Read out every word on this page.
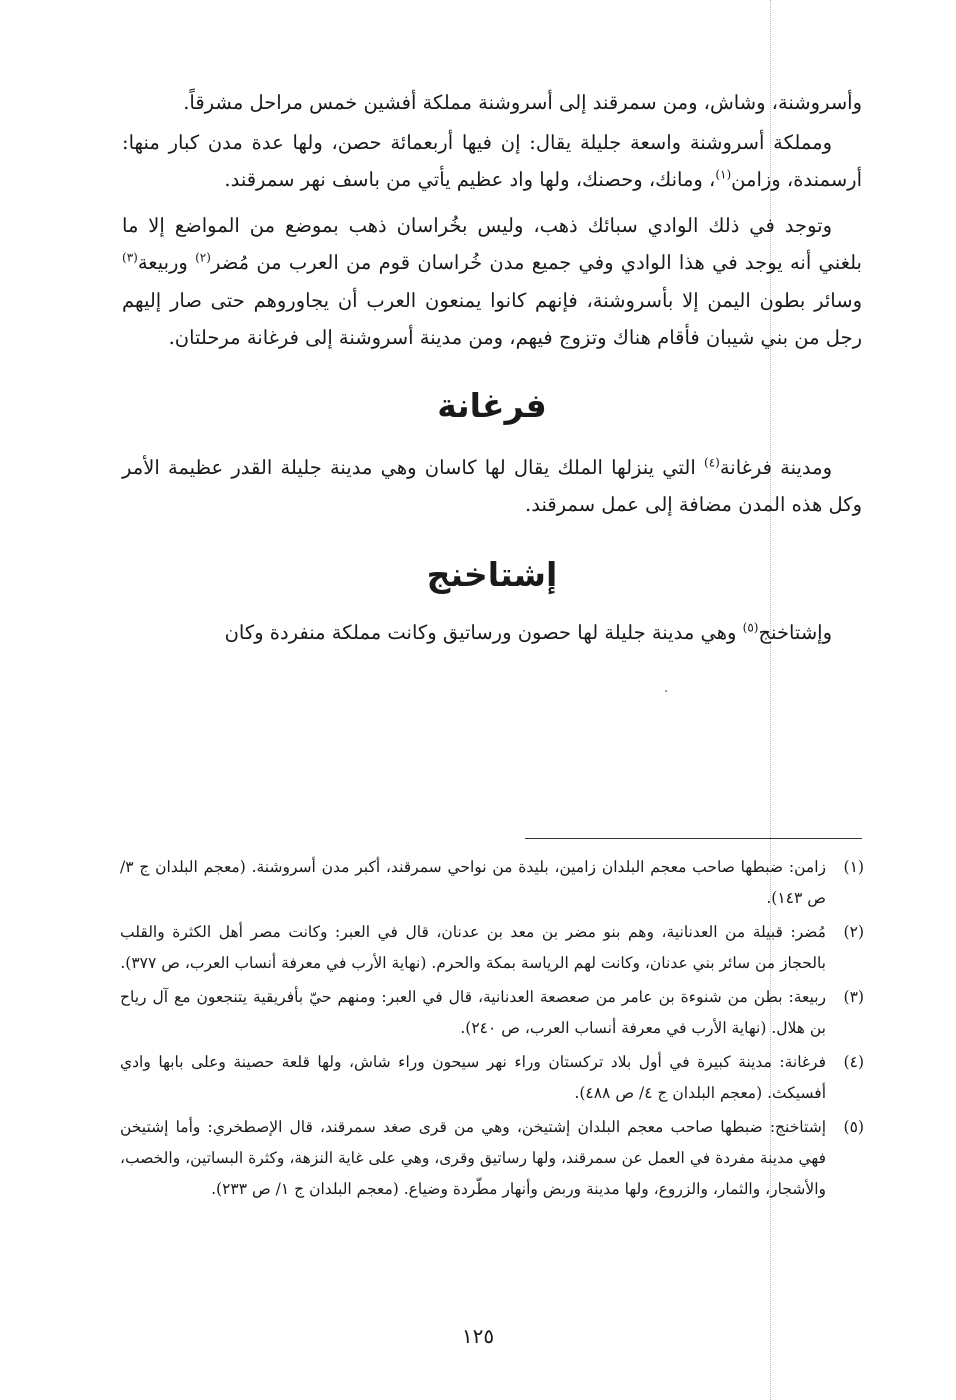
وأسروشنة، وشاش، ومن سمرقند إلى أسروشنة مملكة أفشين خمس مراحل مشرقاً.

ومملكة أسروشنة واسعة جليلة يقال: إن فيها أربعمائة حصن، ولها عدة مدن كبار منها: أرسمندة، وزامن$^{(١)}$، ومانك، وحصنك، ولها واد عظيم يأتي من باسف نهر سمرقند.

وتوجد في ذلك الوادي سبائك ذهب، وليس بخُراسان ذهب بموضع من المواضع إلا ما بلغني أنه يوجد في هذا الوادي وفي جميع مدن خُراسان قوم من العرب من مُضر$^{(٢)}$ وربيعة$^{(٣)}$ وسائر بطون اليمن إلا بأسروشنة، فإنهم كانوا يمنعون العرب أن يجاوروهم حتى صار إليهم رجل من بني شيبان فأقام هناك وتزوج فيهم، ومن مدينة أسروشنة إلى فرغانة مرحلتان.

فرغانة

ومدينة فرغانة$^{(٤)}$ التي ينزلها الملك يقال لها كاسان وهي مدينة جليلة القدر عظيمة الأمر وكل هذه المدن مضافة إلى عمل سمرقند.

إشتاخنج

وإشتاخنج$^{(٥)}$ وهي مدينة جليلة لها حصون ورساتيق وكانت مملكة منفردة وكان

(١)
زامن: ضبطها صاحب معجم البلدان زامين، بليدة من نواحي سمرقند، أكبر مدن أسروشنة. (معجم البلدان ج ٣/ ص ١٤٣).
(٢)
مُضر: قبيلة من العدنانية، وهم بنو مضر بن معد بن عدنان، قال في العبر: وكانت مصر أهل الكثرة والقلب بالحجاز من سائر بني عدنان، وكانت لهم الرياسة بمكة والحرم. (نهاية الأرب في معرفة أنساب العرب، ص ٣٧٧).
(٣)
ربيعة: بطن من شنوءة بن عامر من صعصعة العدنانية، قال في العبر: ومنهم حيّ بأفريقية يتنجعون مع آل رياح بن هلال. (نهاية الأرب في معرفة أنساب العرب، ص ٢٤٠).
(٤)
فرغانة: مدينة كبيرة في أول بلاد تركستان وراء نهر سيحون وراء شاش، ولها قلعة حصينة وعلى بابها وادي أفسيكث. (معجم البلدان ج ٤/ ص ٤٨٨).
(٥)
إشتاخنج: ضبطها صاحب معجم البلدان إشتيخن، وهي من قرى صغد سمرقند، قال الإصطخري: وأما إشتيخن فهي مدينة مفردة في العمل عن سمرقند، ولها رساتيق وقرى، وهي على غاية النزهة، وكثرة البساتين، والخصب، والأشجار، والثمار، والزروع، ولها مدينة وربض وأنهار مطّردة وضياع. (معجم البلدان ج ١/ ص ٢٣٣).
١٢٥
